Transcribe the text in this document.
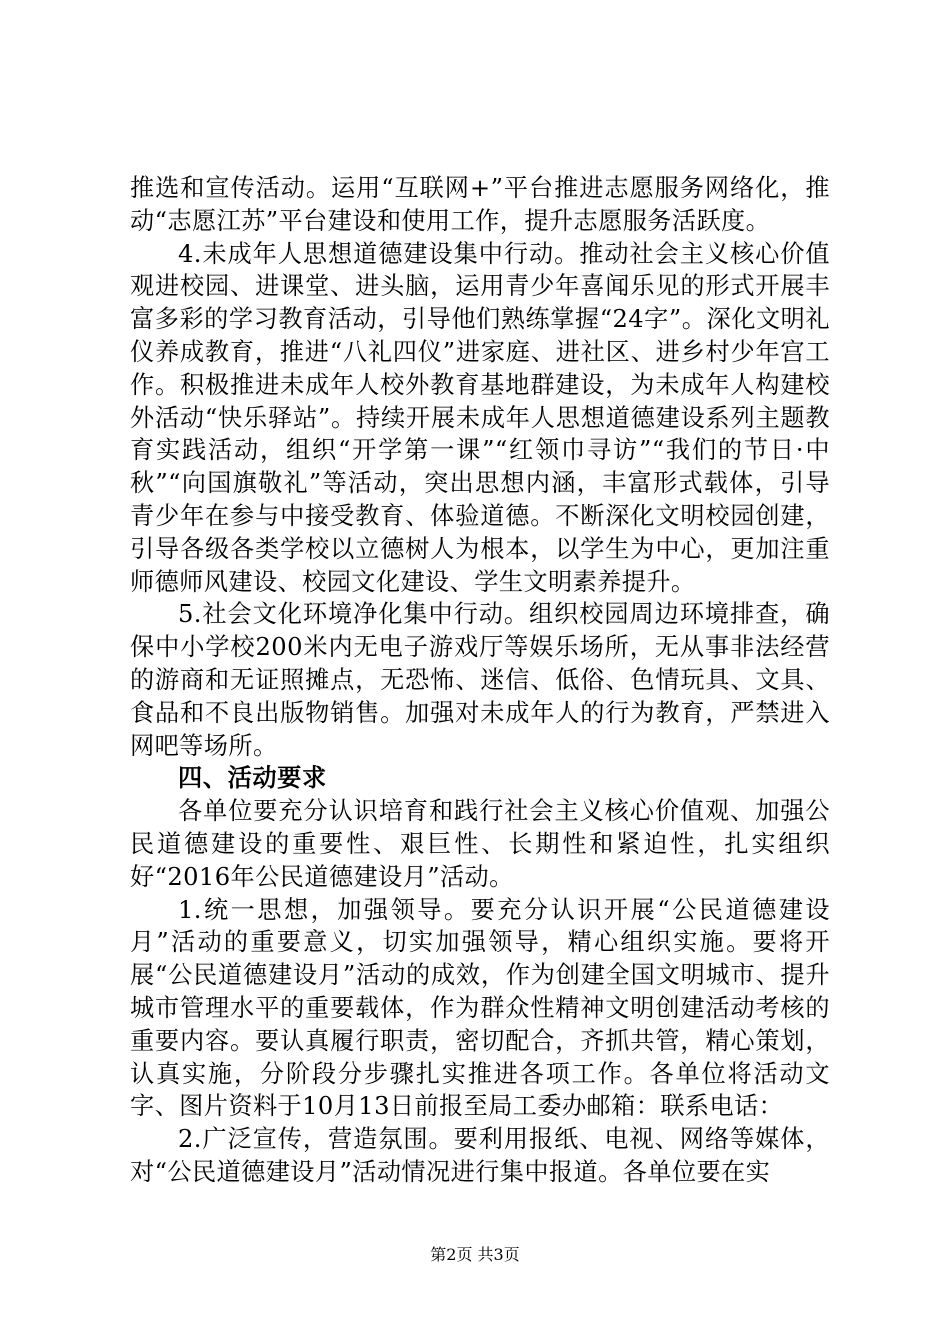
推选和宣传活动。运用“互联网+”平台推进志愿服务网络化，推动“志愿江苏”平台建设和使用工作，提升志愿服务活跃度。

4.未成年人思想道德建设集中行动。推动社会主义核心价值观进校园、进课堂、进头脑，运用青少年喜闻乐见的形式开展丰富多彩的学习教育活动，引导他们熟练掌握“24字”。深化文明礼仪养成教育，推进“八礼四仪”进家庭、进社区、进乡村少年宫工作。积极推进未成年人校外教育基地群建设，为未成年人构建校外活动“快乐驿站”。持续开展未成年人思想道德建设系列主题教育实践活动，组织“开学第一课”“红领巾寻访”“我们的节日·中秋”“向国旗敬礼”等活动，突出思想内涵，丰富形式载体，引导青少年在参与中接受教育、体验道德。不断深化文明校园创建，引导各级各类学校以立德树人为根本，以学生为中心，更加注重师德师风建设、校园文化建设、学生文明素养提升。

5.社会文化环境净化集中行动。组织校园周边环境排查，确保中小学校200米内无电子游戏厅等娱乐场所，无从事非法经营的游商和无证照摊点，无恐怖、迷信、低俗、色情玩具、文具、食品和不良出版物销售。加强对未成年人的行为教育，严禁进入网吧等场所。

四、活动要求

各单位要充分认识培育和践行社会主义核心价值观、加强公民道德建设的重要性、艰巨性、长期性和紧迫性，扎实组织好“2016年公民道德建设月”活动。

1.统一思想，加强领导。要充分认识开展“公民道德建设月”活动的重要意义，切实加强领导，精心组织实施。要将开展“公民道德建设月”活动的成效，作为创建全国文明城市、提升城市管理水平的重要载体，作为群众性精神文明创建活动考核的重要内容。要认真履行职责，密切配合，齐抓共管，精心策划，认真实施，分阶段分步骤扎实推进各项工作。各单位将活动文字、图片资料于10月13日前报至局工委办邮箱：联系电话：

2.广泛宣传，营造氛围。要利用报纸、电视、网络等媒体，对“公民道德建设月”活动情况进行集中报道。各单位要在实

第2页 共3页
